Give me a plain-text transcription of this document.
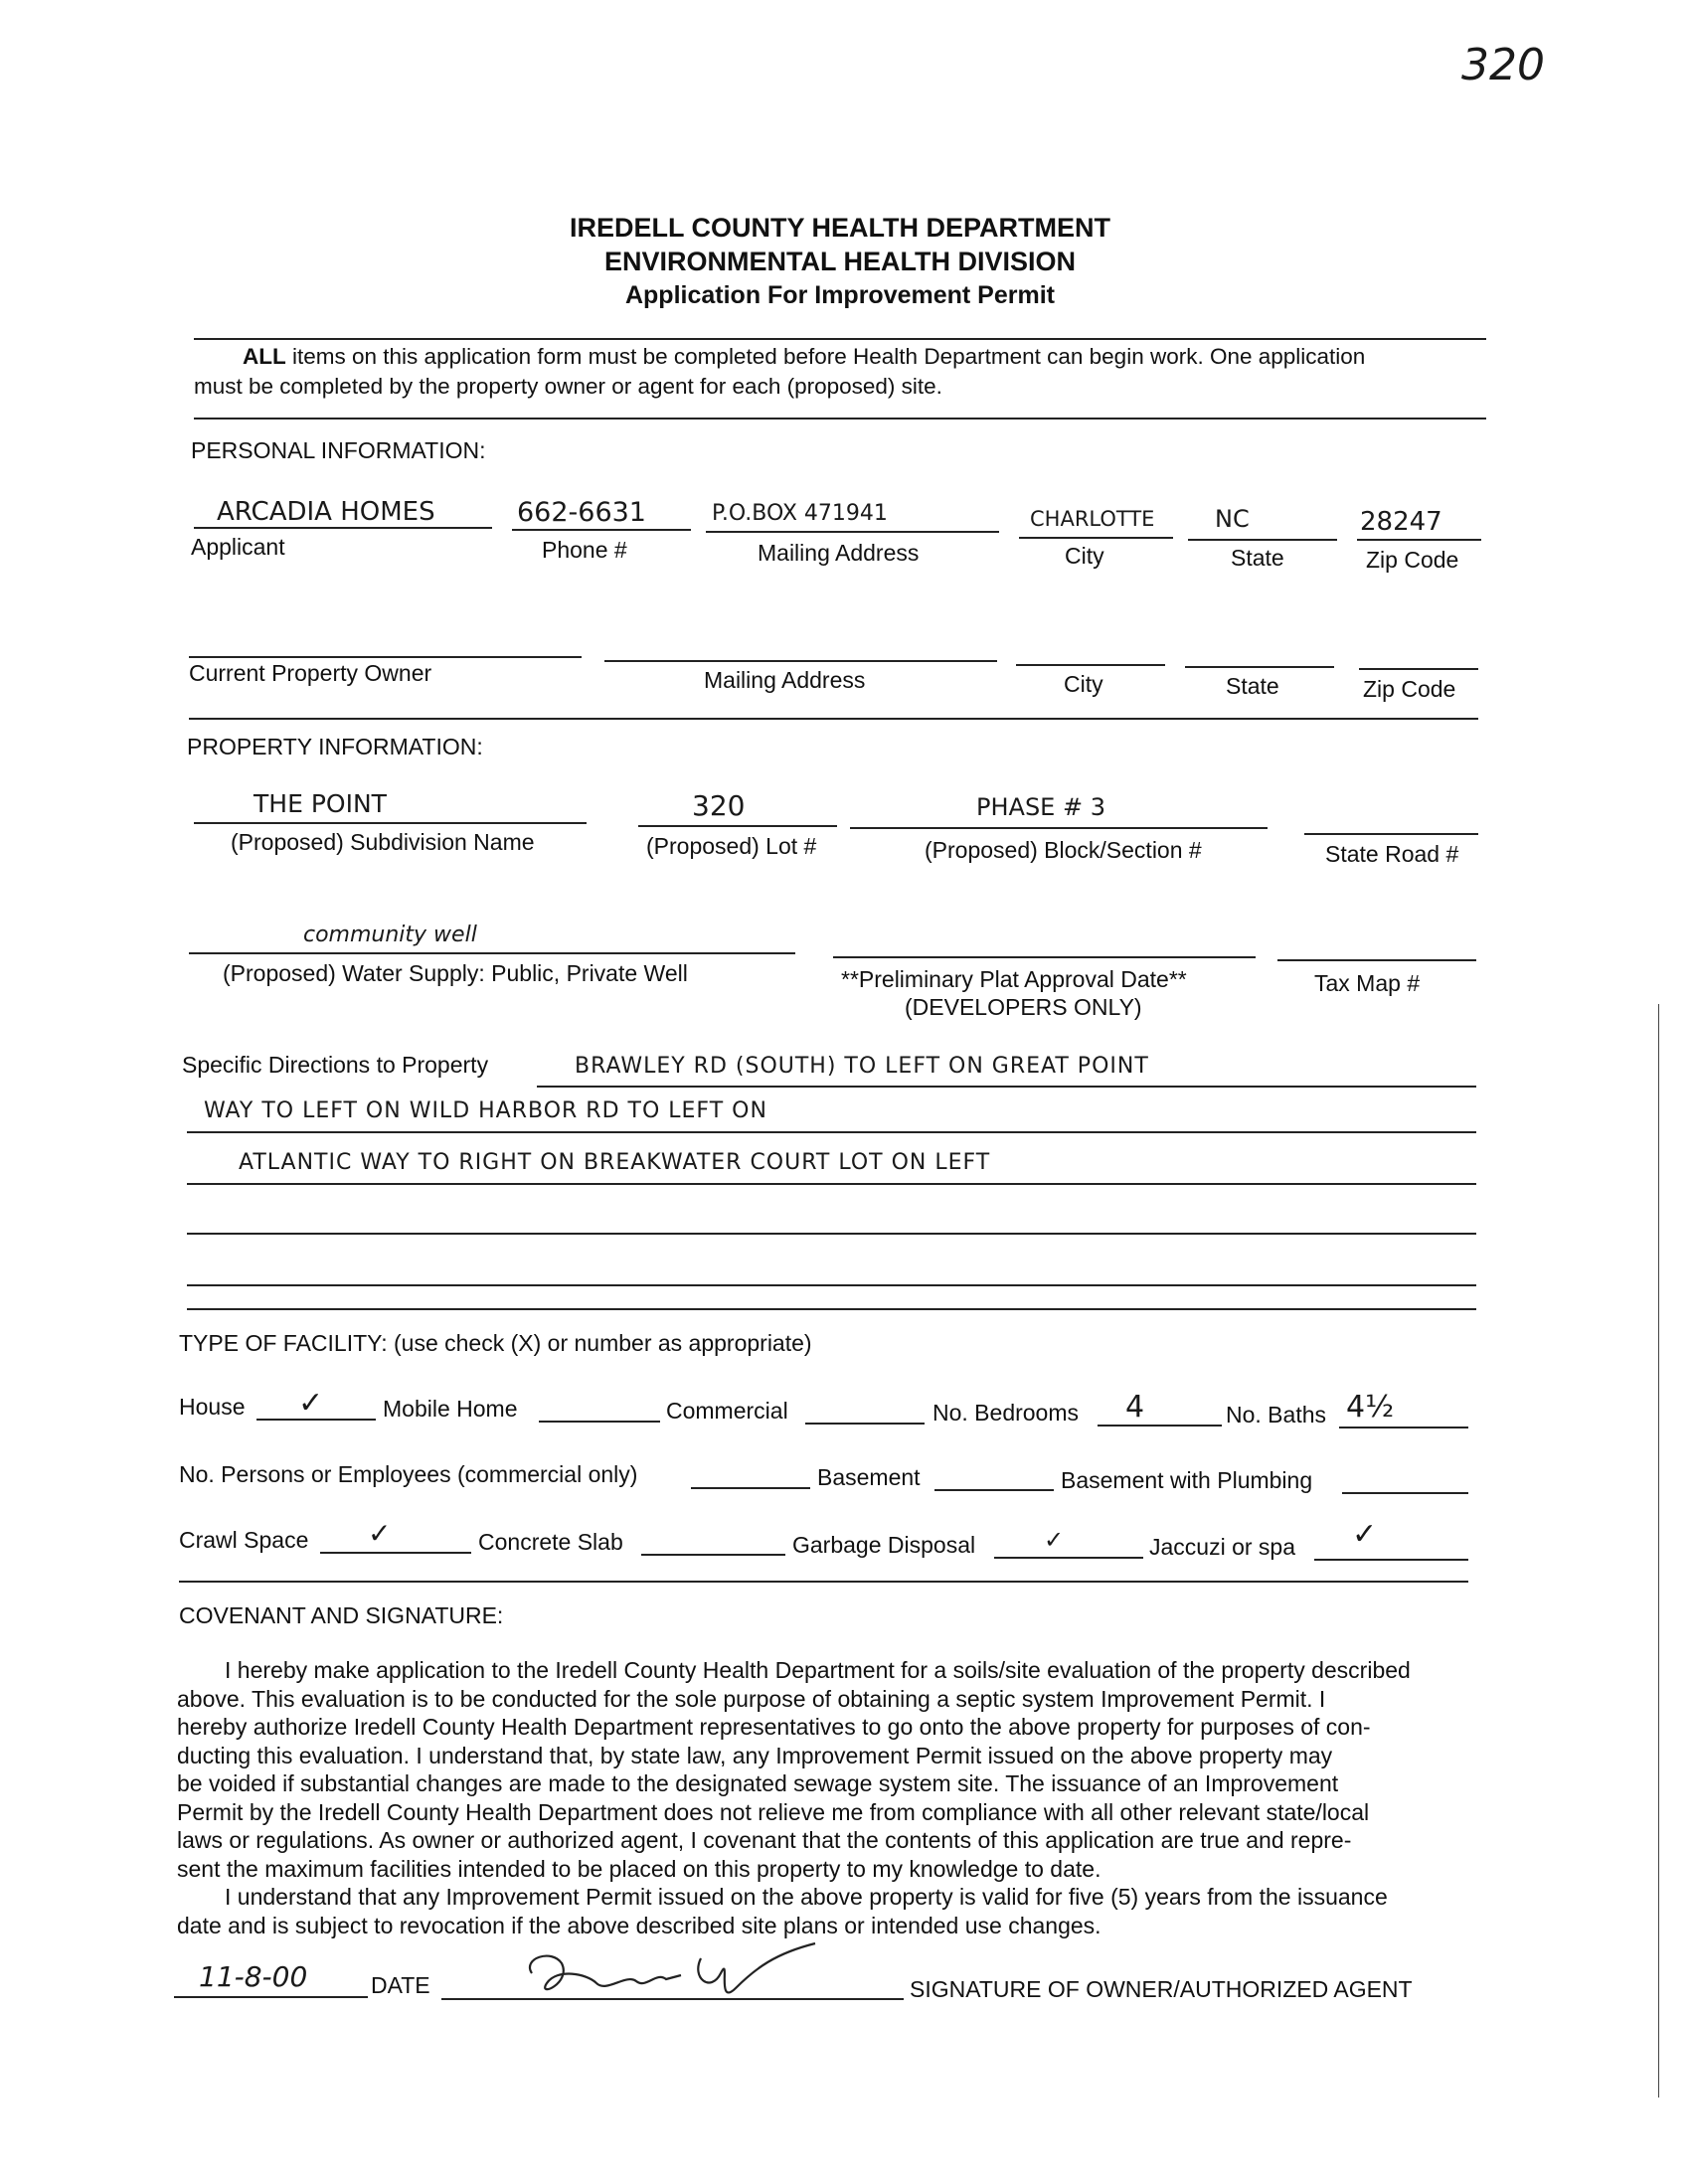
320
IREDELL COUNTY HEALTH DEPARTMENT
ENVIRONMENTAL HEALTH DIVISION
Application For Improvement Permit
ALL items on this application form must be completed before Health Department can begin work. One application
must be completed by the property owner or agent for each (proposed) site.
PERSONAL INFORMATION:
ARCADIA HOMES	662-6631	P.O.BOX 471941	CHARLOTTE	NC	28247
Applicant	Phone #	Mailing Address	City	State	Zip Code
Current Property Owner	Mailing Address	City	State	Zip Code
PROPERTY INFORMATION:
THE POINT	320	PHASE # 3
(Proposed) Subdivision Name	(Proposed) Lot #	(Proposed) Block/Section #	State Road #
community well
(Proposed) Water Supply: Public, Private Well	**Preliminary Plat Approval Date**
(DEVELOPERS ONLY)
Tax Map #
Specific Directions to Property	BRAWLEY RD (SOUTH) TO LEFT ON GREAT POINT
WAY TO LEFT ON WILD HARBOR RD TO LEFT ON
ATLANTIC WAY TO RIGHT ON BREAKWATER COURT LOT ON LEFT
TYPE OF FACILITY: (use check (X) or number as appropriate)
House ✓	Mobile Home	Commercial	No. Bedrooms 4	No. Baths 4½
No. Persons or Employees (commercial only)	Basement	Basement with Plumbing
Crawl Space ✓	Concrete Slab	Garbage Disposal	✓	Jaccuzi or spa ✓
COVENANT AND SIGNATURE:
I hereby make application to the Iredell County Health Department for a soils/site evaluation of the property described
above. This evaluation is to be conducted for the sole purpose of obtaining a septic system Improvement Permit. I
hereby authorize Iredell County Health Department representatives to go onto the above property for purposes of con-
ducting this evaluation. I understand that, by state law, any Improvement Permit issued on the above property may
be voided if substantial changes are made to the designated sewage system site. The issuance of an Improvement
Permit by the Iredell County Health Department does not relieve me from compliance with all other relevant state/local
laws or regulations. As owner or authorized agent, I covenant that the contents of this application are true and repre-
sent the maximum facilities intended to be placed on this property to my knowledge to date.
I understand that any Improvement Permit issued on the above property is valid for five (5) years from the issuance
date and is subject to revocation if the above described site plans or intended use changes.
11-8-00	DATE	SIGNATURE OF OWNER/AUTHORIZED AGENT
